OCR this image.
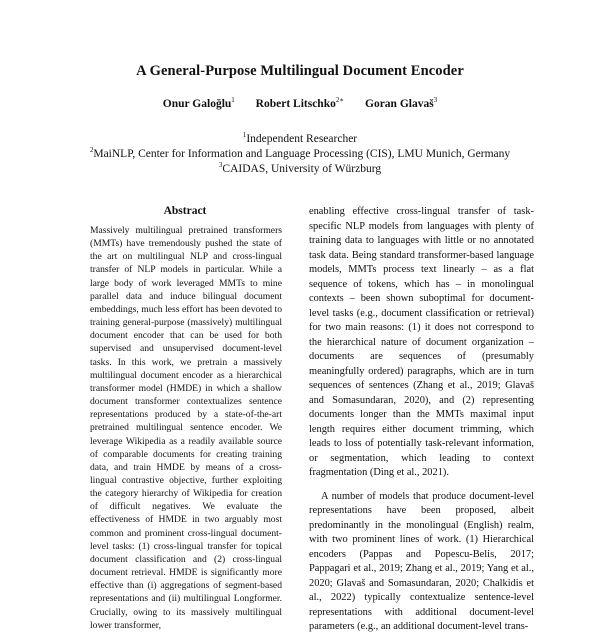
A General-Purpose Multilingual Document Encoder
Onur Galoğlu$^1$ Robert Litschko$^{2∗}$ Goran Glavaš$^3$
$^1$Independent Researcher
$^2$MaiNLP, Center for Information and Language Processing (CIS), LMU Munich, Germany
$^3$CAIDAS, University of Würzburg
Abstract
Massively multilingual pretrained transformers (MMTs) have tremendously pushed the state of the art on multilingual NLP and cross-lingual transfer of NLP models in particular. While a large body of work leveraged MMTs to mine parallel data and induce bilingual document embeddings, much less effort has been devoted to training general-purpose (massively) multilingual document encoder that can be used for both supervised and unsupervised document-level tasks. In this work, we pretrain a massively multilingual document encoder as a hierarchical transformer model (HMDE) in which a shallow document transformer contextualizes sentence representations produced by a state-of-the-art pretrained multilingual sentence encoder. We leverage Wikipedia as a readily available source of comparable documents for creating training data, and train HMDE by means of a cross-lingual contrastive objective, further exploiting the category hierarchy of Wikipedia for creation of difficult negatives. We evaluate the effectiveness of HMDE in two arguably most common and prominent cross-lingual document-level tasks: (1) cross-lingual transfer for topical document classification and (2) cross-lingual document retrieval. HMDE is significantly more effective than (i) aggregations of segment-based representations and (ii) multilingual Longformer. Crucially, owing to its massively multilingual lower transformer,

enabling effective cross-lingual transfer of task-specific NLP models from languages with plenty of training data to languages with little or no annotated task data. Being standard transformer-based language models, MMTs process text linearly – as a flat sequence of tokens, which has – in monolingual contexts – been shown suboptimal for document-level tasks (e.g., document classification or retrieval) for two main reasons: (1) it does not correspond to the hierarchical nature of document organization – documents are sequences of (presumably meaningfully ordered) paragraphs, which are in turn sequences of sentences (Zhang et al., 2019; Glavaš and Somasundaran, 2020), and (2) representing documents longer than the MMTs maximal input length requires either document trimming, which leads to loss of potentially task-relevant information, or segmentation, which leading to context fragmentation (Ding et al., 2021).

A number of models that produce document-level representations have been proposed, albeit predominantly in the monolingual (English) realm, with two prominent lines of work. (1) Hierarchical encoders (Pappas and Popescu-Belis, 2017; Pappagari et al., 2019; Zhang et al., 2019; Yang et al., 2020; Glavaš and Somasundaran, 2020; Chalkidis et al., 2022) typically contextualize sentence-level representations with additional document-level parameters (e.g., an additional document-level trans-
